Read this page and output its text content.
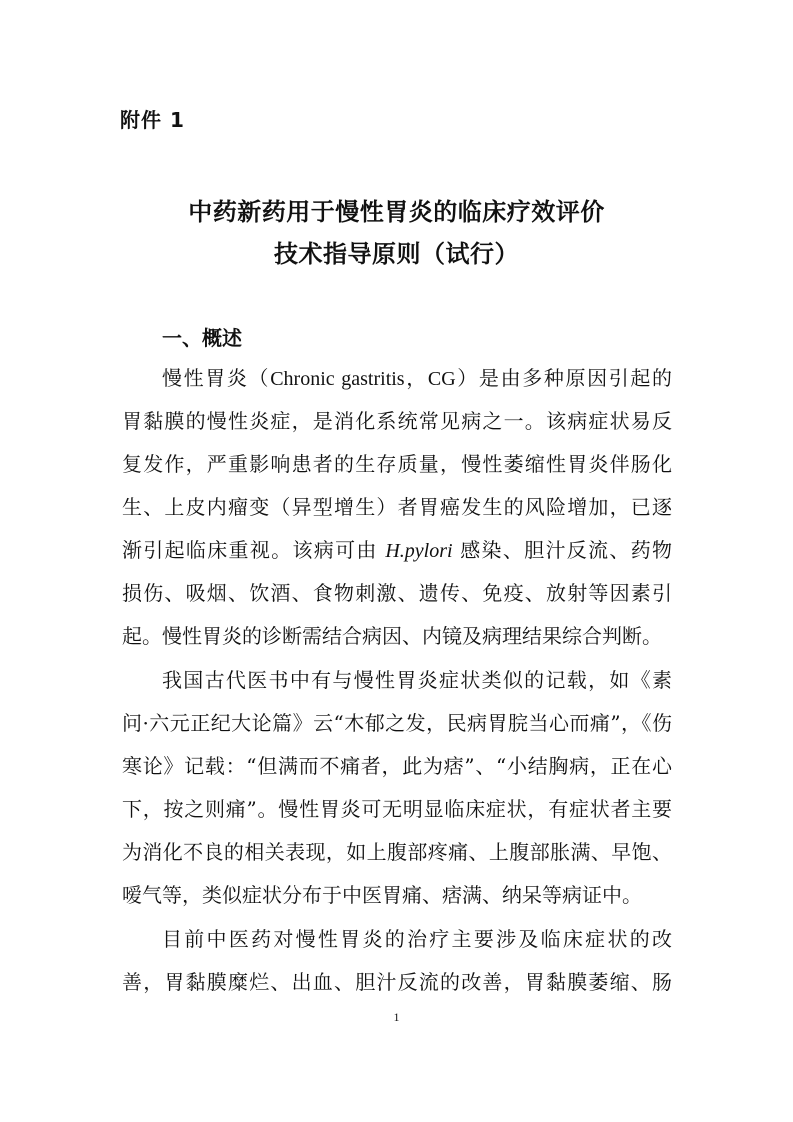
附件 1
中药新药用于慢性胃炎的临床疗效评价
技术指导原则（试行）
一、概述
慢性胃炎（Chronic gastritis，CG）是由多种原因引起的
胃黏膜的慢性炎症，是消化系统常见病之一。该病症状易反
复发作，严重影响患者的生存质量，慢性萎缩性胃炎伴肠化
生、上皮内瘤变（异型增生）者胃癌发生的风险增加，已逐
渐引起临床重视。该病可由 H.pylori 感染、胆汁反流、药物
损伤、吸烟、饮酒、食物刺激、遗传、免疫、放射等因素引
起。慢性胃炎的诊断需结合病因、内镜及病理结果综合判断。
我国古代医书中有与慢性胃炎症状类似的记载，如《素
问·六元正纪大论篇》云“木郁之发，民病胃脘当心而痛”，《伤
寒论》记载：“但满而不痛者，此为痞”、“小结胸病，正在心
下，按之则痛”。慢性胃炎可无明显临床症状，有症状者主要
为消化不良的相关表现，如上腹部疼痛、上腹部胀满、早饱、
嗳气等，类似症状分布于中医胃痛、痞满、纳呆等病证中。
目前中医药对慢性胃炎的治疗主要涉及临床症状的改
善，胃黏膜糜烂、出血、胆汁反流的改善，胃黏膜萎缩、肠
1
